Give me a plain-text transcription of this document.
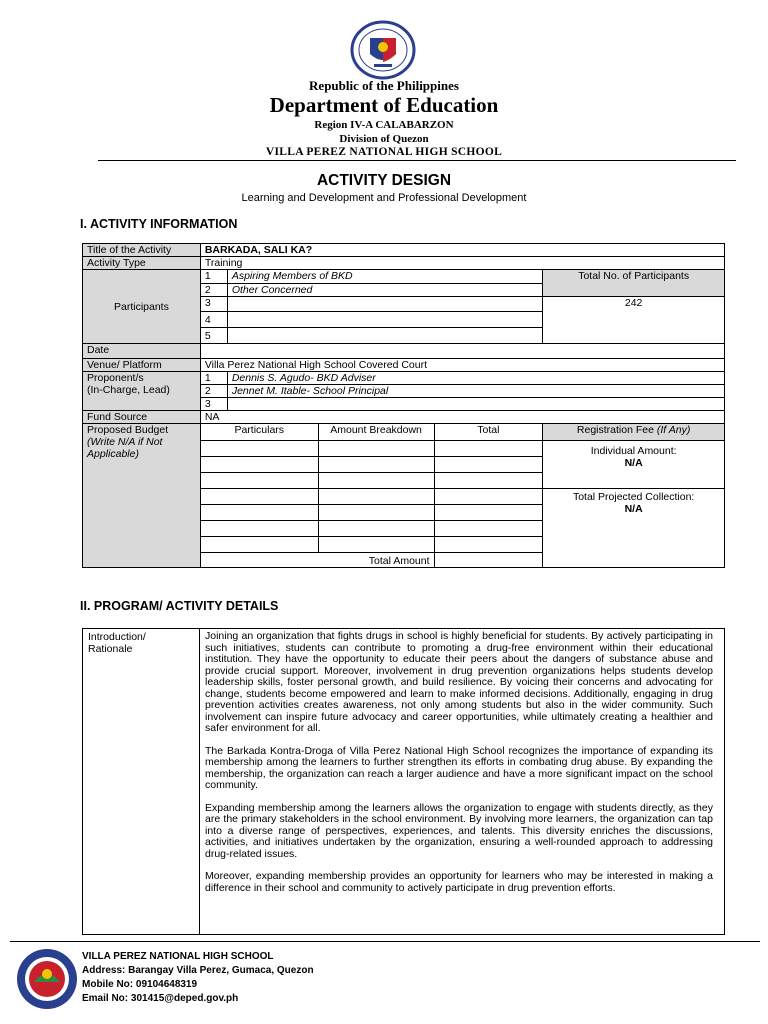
Republic of the Philippines
Department of Education
Region IV-A CALABARZON
Division of Quezon
VILLA PEREZ NATIONAL HIGH SCHOOL
ACTIVITY DESIGN
Learning and Development and Professional Development
I. ACTIVITY INFORMATION
Title of the Activity	BARKADA, SALI KA?				
Activity Type	Training				
Participants	1	Aspiring Members of BKD			Total No. of Participants
	2	Other Concerned			
	3				242
	4				
	5				
Date					
Venue/ Platform	Villa Perez National High School Covered Court				

Proponent/s
(In-Charge, Lead)	1	Dennis S. Agudo- BKD Adviser			
	2	Jennet M. Itable- School Principal			
	3				
Fund Source	NA				

Proposed Budget
(Write N/A if Not Applicable)	Particulars		Amount Breakdown	Total	Registration Fee (If Any)

					Individual Amount:
N/A

					Total Projected Collection:
N/A

	Total Amount				
II. PROGRAM/ ACTIVITY DETAILS
Introduction/
Rationale

Joining an organization that fights drugs in school is highly beneficial for students. By actively participating in such initiatives, students can contribute to promoting a drug-free environment within their educational institution. They have the opportunity to educate their peers about the dangers of substance abuse and provide crucial support. Moreover, involvement in drug prevention organizations helps students develop leadership skills, foster personal growth, and build resilience. By voicing their concerns and advocating for change, students become empowered and learn to make informed decisions. Additionally, engaging in drug prevention activities creates awareness, not only among students but also in the wider community. Such involvement can inspire future advocacy and career opportunities, while ultimately creating a healthier and safer environment for all.

The Barkada Kontra-Droga of Villa Perez National High School recognizes the importance of expanding its membership among the learners to further strengthen its efforts in combating drug abuse. By expanding the membership, the organization can reach a larger audience and have a more significant impact on the school community.

Expanding membership among the learners allows the organization to engage with students directly, as they are the primary stakeholders in the school environment. By involving more learners, the organization can tap into a diverse range of perspectives, experiences, and talents. This diversity enriches the discussions, activities, and initiatives undertaken by the organization, ensuring a well-rounded approach to addressing drug-related issues.

Moreover, expanding membership provides an opportunity for learners who may be interested in making a difference in their school and community to actively participate in drug prevention efforts.

VILLA PEREZ NATIONAL HIGH SCHOOL
Address: Barangay Villa Perez, Gumaca, Quezon
Mobile No: 09104648319
Email No: 301415@deped.gov.ph
